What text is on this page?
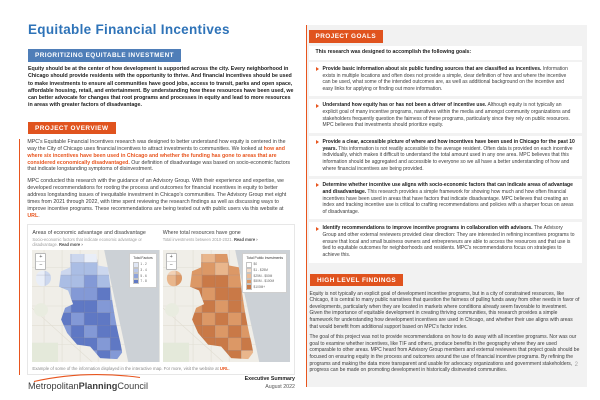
Equitable Financial Incentives
PRIORITIZING EQUITABLE INVESTMENT

Equity should be at the center of how development is supported across the city. Every neighborhood in Chicago should provide residents with the opportunity to thrive. And financial incentives should be used to make investments to ensure all communities have good jobs, access to transit, parks and open space, affordable housing, retail, and entertainment. By understanding how these resources have been used, we can better advocate for changes that root programs and processes in equity and lead to more resources in areas with greater factors of disadvantage.

PROJECT OVERVIEW

MPC's Equitable Financial Incentives research was designed to better understand how equity is centered in the way the City of Chicago uses financial incentives to attract investments to communities. We looked at how and where six incentives have been used in Chicago and whether the funding has gone to areas that are considered economically disadvantaged. Our definition of disadvantage was based on socio-economic factors that indicate longstanding symptoms of disinvestment.

MPC conducted this research with the guidance of an Advisory Group. With their experience and expertise, we developed recommendations for rooting the process and outcomes for financial incentives in equity to better address longstanding issues of inequitable investment in Chicago's communities. The Advisory Group met eight times from 2021 through 2022, with time spent reviewing the research findings as well as discussing ways to improve incentive programs. These recommendations are being tested out with public users via this website at URL.

Areas of economic advantage and disadvantage
Socio-economic factors that indicate economic advantage or disadvantage. Read more ›
Where total resources have gone
Total investments between 2010-2021. Read more ›
+
−
Total Factors
1 - 2
3 - 4
5 - 6
7 - 8
+
−
Total Public Investments
$0
$1 - $25M
$25M - $50M
$50M - $100M
$100M+
Example of some of the information displayed in the interactive map. For more, visit the website at URL.
PROJECT GOALS
This research was designed to accomplish the following goals:
Provide basic information about six public funding sources that are classified as incentives. Information exists in multiple locations and often does not provide a simple, clear definition of how and where the incentive can be used, what some of the intended outcomes are, as well as additional background on the incentive and easy links for applying or finding out more information.
Understand how equity has or has not been a driver of incentive use. Although equity is not typically an explicit goal of many incentive programs, narratives within the media and amongst community organizations and stakeholders frequently question the fairness of these programs, particularly since they rely on public resources. MPC believes that investments should prioritize equity.
Provide a clear, accessible picture of where and how incentives have been used in Chicago for the past 10 years. This information is not readily accessible to the average resident. Often data is provided on each incentive individually, which makes it difficult to understand the total amount used in any one area. MPC believes that this information should be aggregated and accessible to everyone so we all have a better understanding of how and where financial incentives are being provided.
Determine whether incentive use aligns with socio-economic factors that can indicate areas of advantage and disadvantage. This research provides a simple framework for showing how much and how often financial incentives have been used in areas that have factors that indicate disadvantage. MPC believes that creating an index and tracking incentive use is critical to crafting recommendations and policies with a sharper focus on areas of disadvantage.
Identify recommendations to improve incentive programs in collaboration with advisors. The Advisory Group and other external reviewers provided clear direction: They are interested in refining incentives programs to ensure that local and small business owners and entrepreneurs are able to access the resources and that use is tied to equitable outcomes for neighborhoods and residents. MPC's recommendations focus on strategies to achieve this.
HIGH LEVEL FINDINGS

Equity is not typically an explicit goal of development incentive programs, but in a city of constrained resources, like Chicago, it is central to many public narratives that question the fairness of pulling funds away from other needs in favor of developments, particularly when they are located in markets where conditions already seem favorable to investment. Given the importance of equitable development in creating thriving communities, this research provides a simple framework for understanding how development incentives are used in Chicago, and whether their use aligns with areas that would benefit from additional support based on MPC's factor index.

The goal of this project was not to provide recommendations on how to do away with all incentive programs. Nor was our goal to examine whether incentives, like TIF and others, produce benefits in the geography where they are used comparable to other areas. MPC heard from Advisory Group members and external reviewers that project goals should be focused on ensuring equity in the process and outcomes around the use of financial incentive programs. By refining the programs and making the data more transparent and usable for advocacy organizations and government stakeholders, progress can be made on promoting development in historically disinvested communities.

MetropolitanPlanningCouncil
Executive Summary
August 2022
2
